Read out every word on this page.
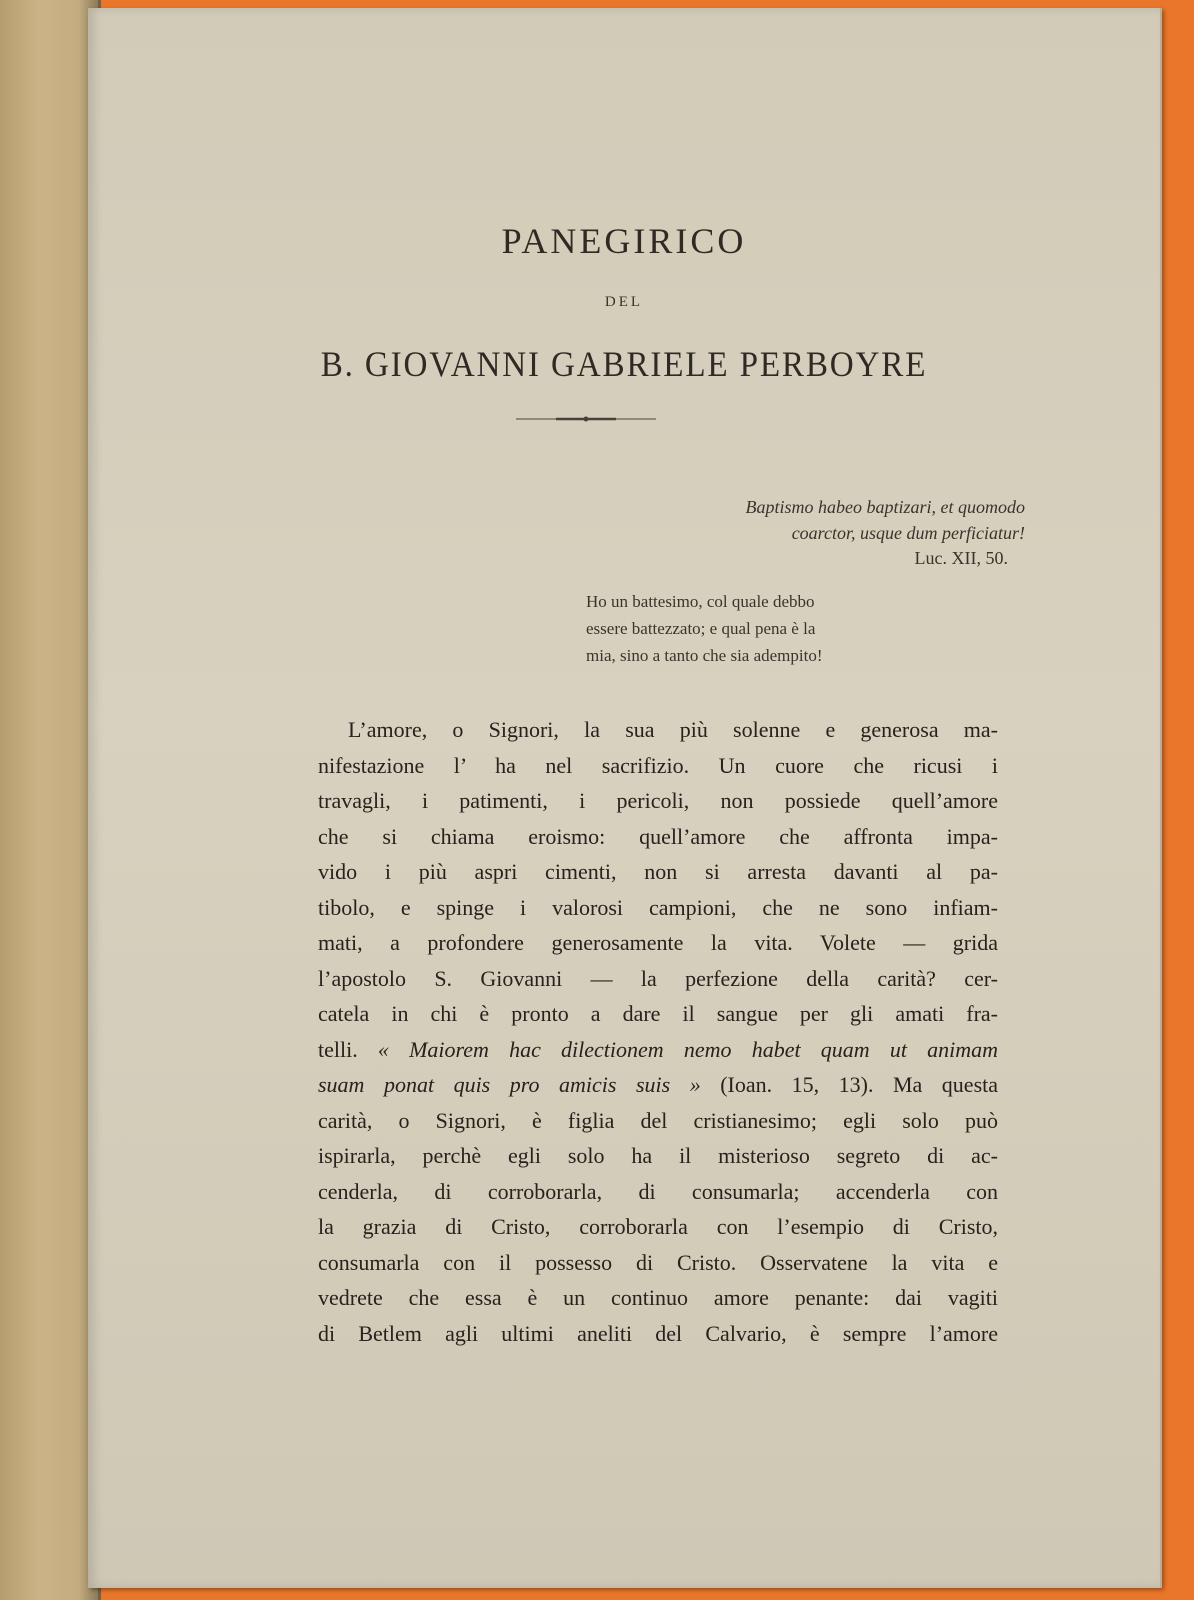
PANEGIRICO
DEL
B. GIOVANNI GABRIELE PERBOYRE
Baptismo habeo baptizari, et quomodo
coarctor, usque dum perficiatur!
Luc. XII, 50.
Ho un battesimo, col quale debbo
essere battezzato; e qual pena è la
mia, sino a tanto che sia adempito!
L’amore, o Signori, la sua più solenne e generosa ma-
nifestazione l’ ha nel sacrifizio. Un cuore che ricusi i
travagli, i patimenti, i pericoli, non possiede quell’amore
che si chiama eroismo: quell’amore che affronta impa-
vido i più aspri cimenti, non si arresta davanti al pa-
tibolo, e spinge i valorosi campioni, che ne sono infiam-
mati, a profondere generosamente la vita. Volete — grida
l’apostolo S. Giovanni — la perfezione della carità? cer-
catela in chi è pronto a dare il sangue per gli amati fra-
telli. « Maiorem hac dilectionem nemo habet quam ut animam
suam ponat quis pro amicis suis » (Ioan. 15, 13). Ma questa
carità, o Signori, è figlia del cristianesimo; egli solo può
ispirarla, perchè egli solo ha il misterioso segreto di ac-
cenderla, di corroborarla, di consumarla; accenderla con
la grazia di Cristo, corroborarla con l’esempio di Cristo,
consumarla con il possesso di Cristo. Osservatene la vita e
vedrete che essa è un continuo amore penante: dai vagiti
di Betlem agli ultimi aneliti del Calvario, è sempre l’amore
